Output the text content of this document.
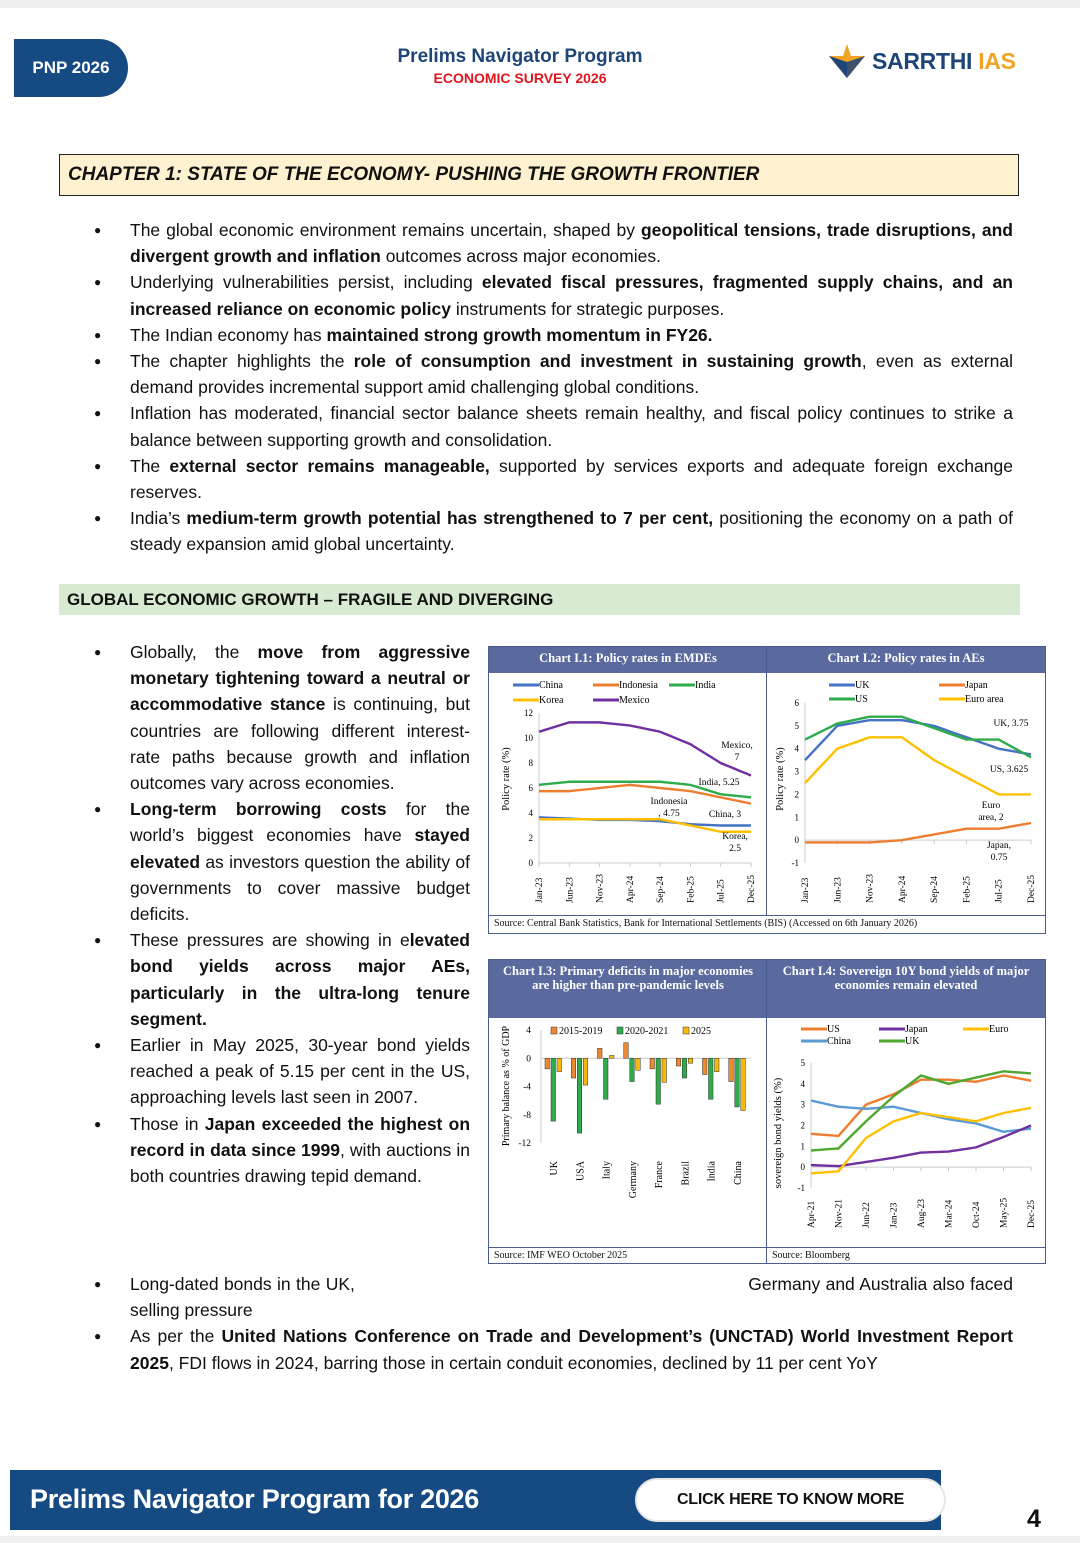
PNP 2026
Prelims Navigator Program
ECONOMIC SURVEY 2026
SARRTHI IAS
CHAPTER 1: STATE OF THE ECONOMY- PUSHING THE GROWTH FRONTIER
● The global economic environment remains uncertain, shaped by geopolitical tensions, trade disruptions, and divergent growth and inflation outcomes across major economies.
● Underlying vulnerabilities persist, including elevated fiscal pressures, fragmented supply chains, and an increased reliance on economic policy instruments for strategic purposes.
● The Indian economy has maintained strong growth momentum in FY26.
● The chapter highlights the role of consumption and investment in sustaining growth, even as external demand provides incremental support amid challenging global conditions.
● Inflation has moderated, financial sector balance sheets remain healthy, and fiscal policy continues to strike a balance between supporting growth and consolidation.
● The external sector remains manageable, supported by services exports and adequate foreign exchange reserves.
● India’s medium-term growth potential has strengthened to 7 per cent, positioning the economy on a path of steady expansion amid global uncertainty.
GLOBAL ECONOMIC GROWTH – FRAGILE AND DIVERGING
● Globally, the move from aggressive monetary tightening toward a neutral or accommodative stance is continuing, but countries are following different interest-rate paths because growth and inflation outcomes vary across economies.
● Long-term borrowing costs for the world’s biggest economies have stayed elevated as investors question the ability of governments to cover massive budget deficits.
● These pressures are showing in elevated bond yields across major AEs, particularly in the ultra-long tenure segment.
● Earlier in May 2025, 30-year bond yields reached a peak of 5.15 per cent in the US, approaching levels last seen in 2007.
● Those in Japan exceeded the highest on record in data since 1999, with auctions in both countries drawing tepid demand.
● Long-dated bonds in the UK,                                                                         Germany and Australia also faced selling pressure
● As per the United Nations Conference on Trade and Development’s (UNCTAD) World Investment Report 2025, FDI flows in 2024, barring those in certain conduit economies, declined by 11 per cent YoY
Chart I.1: Policy rates in EMDEs
0
2
4
6
8
10
12
Jan-23 Jun-23 Nov-23 Apr-24 Sep-24 Feb-25 Jul-25 Dec-25
Policy rate (%)
China	Indonesia	India
Korea	Mexico
Mexico,
7
India, 5.25
Indonesia
, 4.75	China, 3
Korea,
2.5
Chart I.2: Policy rates in AEs
-1
0
1
2
3
4
5
6
Jan-23 Jun-23 Nov-23 Apr-24 Sep-24 Feb-25 Jul-25 Dec-25
Policy rate (%)
UK
US
Japan
Euro area
UK, 3.75
US, 3.625
Euro
area, 2
Japan,
0.75
Source: Central Bank Statistics, Bank for International Settlements (BIS) (Accessed on 6th January 2026)
Chart I.3: Primary deficits in major economies are higher than pre-pandemic levels
-12
-8
-4
0
4
UK USA Italy Germany France Brazil India China
Primary balance as % of GDP	2015-2019 2020-2021 2025
Source: IMF WEO October 2025
Chart I.4: Sovereign 10Y bond yields of major economies remain elevated
-1
0
1
2
3
4
5
Apr-21 Nov-21 Jun-22 Jan-23 Aug-23 Mar-24 Oct-24 May-25 Dec-25
sovereign bond yields (%)
US	Japan	Euro
China	UK
Source: Bloomberg
Prelims Navigator Program for 2026	CLICK HERE TO KNOW MORE
4
